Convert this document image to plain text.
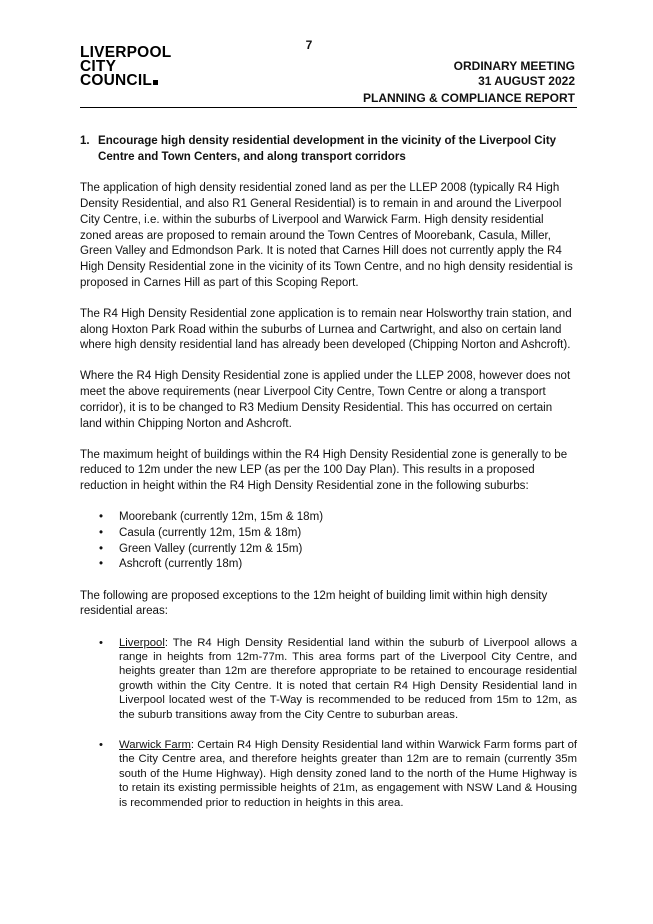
LIVERPOOL
CITY
COUNCIL
7
ORDINARY MEETING
31 AUGUST 2022
PLANNING & COMPLIANCE REPORT
1. Encourage high density residential development in the vicinity of the Liverpool City Centre and Town Centers, and along transport corridors

The application of high density residential zoned land as per the LLEP 2008 (typically R4 High Density Residential, and also R1 General Residential) is to remain in and around the Liverpool City Centre, i.e. within the suburbs of Liverpool and Warwick Farm. High density residential zoned areas are proposed to remain around the Town Centres of Moorebank, Casula, Miller, Green Valley and Edmondson Park. It is noted that Carnes Hill does not currently apply the R4 High Density Residential zone in the vicinity of its Town Centre, and no high density residential is proposed in Carnes Hill as part of this Scoping Report.

The R4 High Density Residential zone application is to remain near Holsworthy train station, and along Hoxton Park Road within the suburbs of Lurnea and Cartwright, and also on certain land where high density residential land has already been developed (Chipping Norton and Ashcroft).

Where the R4 High Density Residential zone is applied under the LLEP 2008, however does not meet the above requirements (near Liverpool City Centre, Town Centre or along a transport corridor), it is to be changed to R3 Medium Density Residential. This has occurred on certain land within Chipping Norton and Ashcroft.

The maximum height of buildings within the R4 High Density Residential zone is generally to be reduced to 12m under the new LEP (as per the 100 Day Plan). This results in a proposed reduction in height within the R4 High Density Residential zone in the following suburbs:

• Moorebank (currently 12m, 15m & 18m)
• Casula (currently 12m, 15m & 18m)
• Green Valley (currently 12m & 15m)
• Ashcroft (currently 18m)

The following are proposed exceptions to the 12m height of building limit within high density residential areas:

• Liverpool: The R4 High Density Residential land within the suburb of Liverpool allows a range in heights from 12m-77m. This area forms part of the Liverpool City Centre, and heights greater than 12m are therefore appropriate to be retained to encourage residential growth within the City Centre. It is noted that certain R4 High Density Residential land in Liverpool located west of the T-Way is recommended to be reduced from 15m to 12m, as the suburb transitions away from the City Centre to suburban areas.
• Warwick Farm: Certain R4 High Density Residential land within Warwick Farm forms part of the City Centre area, and therefore heights greater than 12m are to remain (currently 35m south of the Hume Highway). High density zoned land to the north of the Hume Highway is to retain its existing permissible heights of 21m, as engagement with NSW Land & Housing is recommended prior to reduction in heights in this area.
